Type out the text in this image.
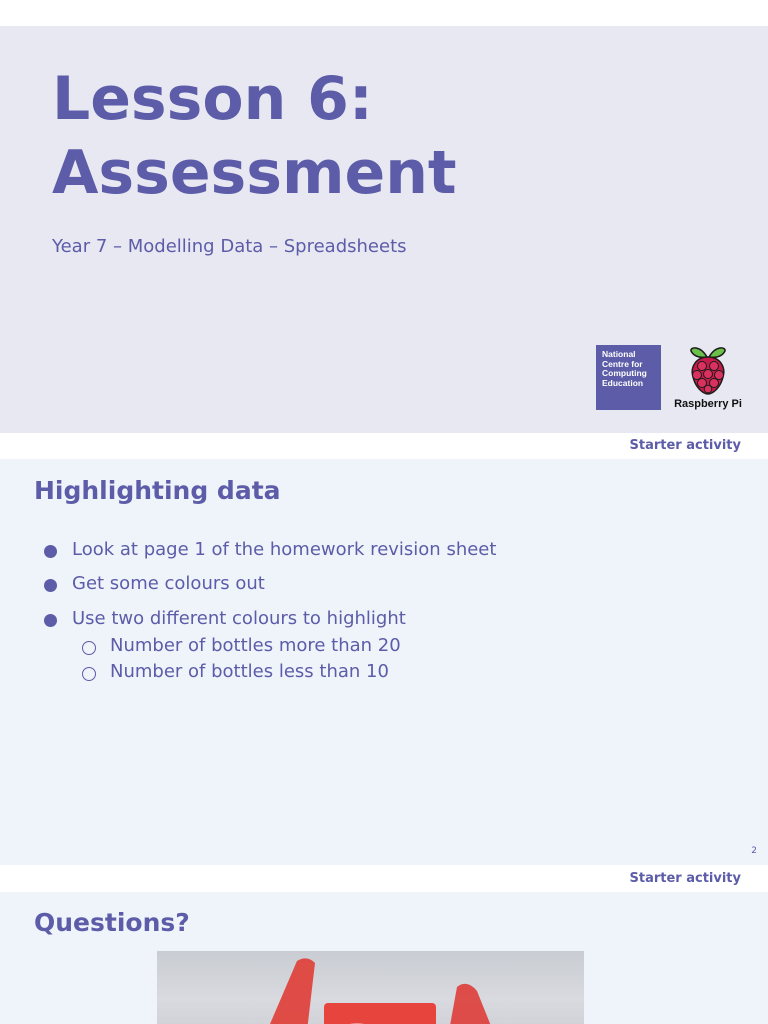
Lesson 6:
Assessment

Year 7 – Modelling Data – Spreadsheets

National
Centre for
Computing
Education
Raspberry Pi
Starter activity
Highlighting data
Look at page 1 of the homework revision sheet
Get some colours out
Use two different colours to highlight
Number of bottles more than 20
Number of bottles less than 10
2
Starter activity
Questions?
